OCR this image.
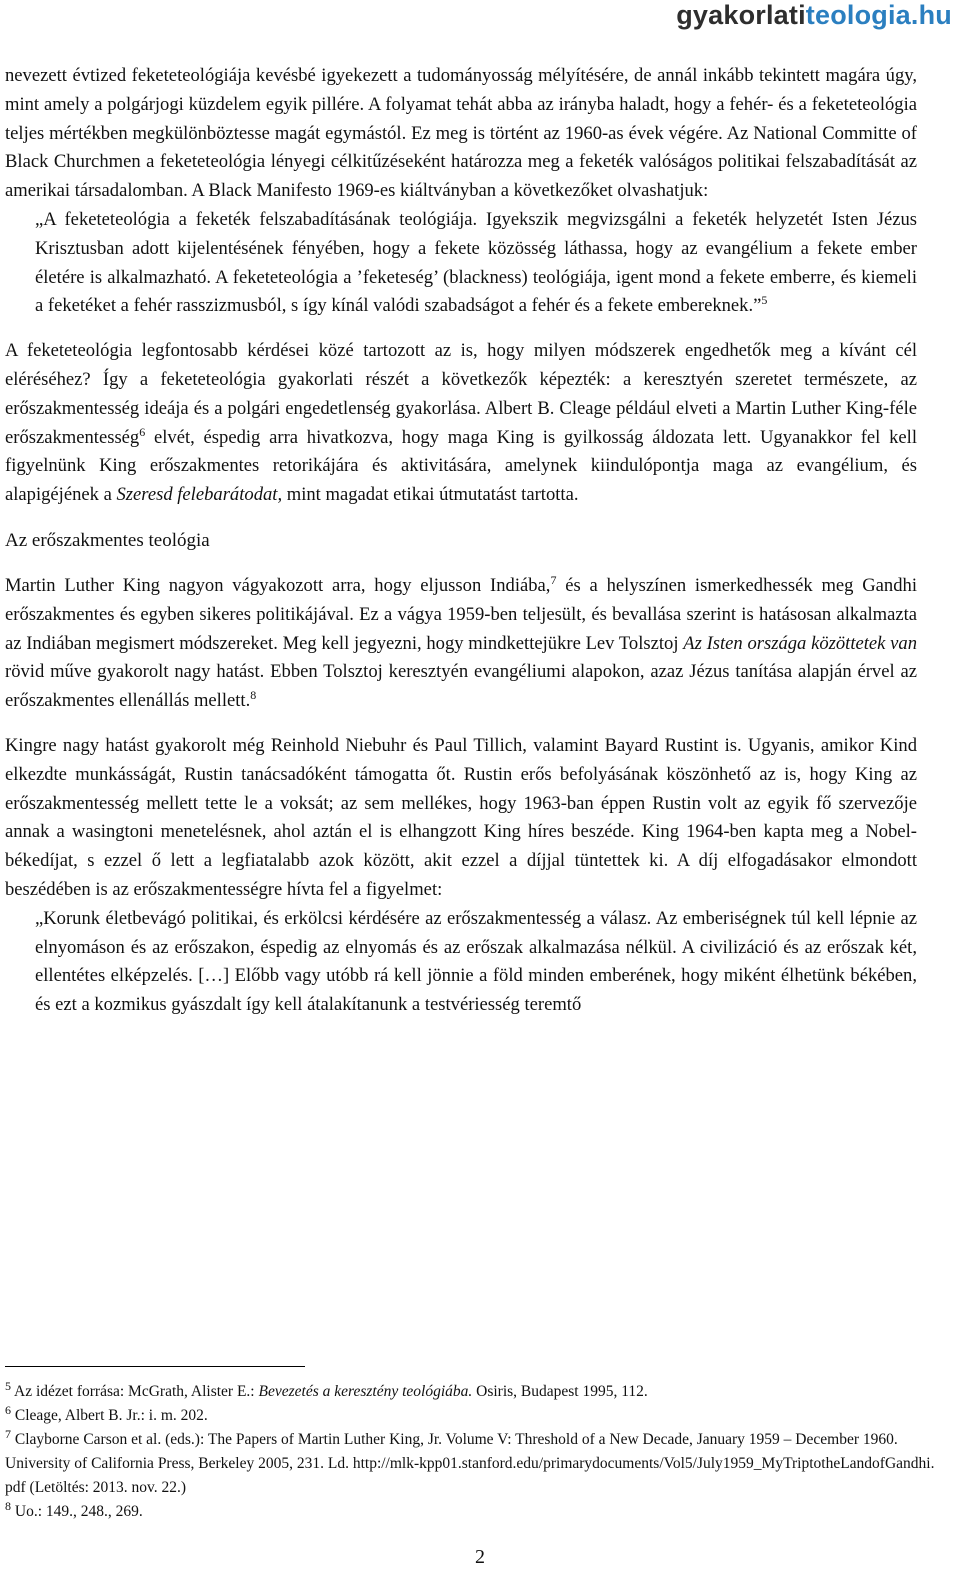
gyakorlatiteologia.hu

nevezett évtized feketeteológiája kevésbé igyekezett a tudományosság mélyítésére, de annál inkább tekintett magára úgy, mint amely a polgárjogi küzdelem egyik pillére. A folyamat tehát abba az irányba haladt, hogy a fehér- és a feketeteológia teljes mértékben megkülönböztesse magát egymástól. Ez meg is történt az 1960-as évek végére. Az National Committe of Black Churchmen a feketeteológia lényegi célkitűzéseként határozza meg a feketék valóságos politikai felszabadítását az amerikai társadalomban. A Black Manifesto 1969-es kiáltványban a következőket olvashatjuk:

„A feketeteológia a feketék felszabadításának teológiája. Igyekszik megvizsgálni a feketék helyzetét Isten Jézus Krisztusban adott kijelentésének fényében, hogy a fekete közösség láthassa, hogy az evangélium a fekete ember életére is alkalmazható. A feketeteológia a ’feketeség’ (blackness) teológiája, igent mond a fekete emberre, és kiemeli a feketéket a fehér rasszizmusból, s így kínál valódi szabadságot a fehér és a fekete embereknek.”$^5$

A feketeteológia legfontosabb kérdései közé tartozott az is, hogy milyen módszerek engedhetők meg a kívánt cél eléréséhez? Így a feketeteológia gyakorlati részét a következők képezték: a keresztyén szeretet természete, az erőszakmentesség ideája és a polgári engedetlenség gyakorlása. Albert B. Cleage például elveti a Martin Luther King-féle erőszakmentesség$^6$ elvét, éspedig arra hivatkozva, hogy maga King is gyilkosság áldozata lett. Ugyanakkor fel kell figyelnünk King erőszakmentes retorikájára és aktivitására, amelynek kiindulópontja maga az evangélium, és alapigéjének a Szeresd felebarátodat, mint magadat etikai útmutatást tartotta.

Az erőszakmentes teológia

Martin Luther King nagyon vágyakozott arra, hogy eljusson Indiába,$^7$ és a helyszínen ismerkedhessék meg Gandhi erőszakmentes és egyben sikeres politikájával. Ez a vágya 1959-ben teljesült, és bevallása szerint is hatásosan alkalmazta az Indiában megismert módszereket. Meg kell jegyezni, hogy mindkettejükre Lev Tolsztoj Az Isten országa közöttetek van rövid műve gyakorolt nagy hatást. Ebben Tolsztoj keresztyén evangéliumi alapokon, azaz Jézus tanítása alapján érvel az erőszakmentes ellenállás mellett.$^8$

Kingre nagy hatást gyakorolt még Reinhold Niebuhr és Paul Tillich, valamint Bayard Rustint is. Ugyanis, amikor Kind elkezdte munkásságát, Rustin tanácsadóként támogatta őt. Rustin erős befolyásának köszönhető az is, hogy King az erőszakmentesség mellett tette le a voksát; az sem mellékes, hogy 1963-ban éppen Rustin volt az egyik fő szervezője annak a wasingtoni menetelésnek, ahol aztán el is elhangzott King híres beszéde. King 1964-ben kapta meg a Nobel-békedíjat, s ezzel ő lett a legfiatalabb azok között, akit ezzel a díjjal tüntettek ki. A díj elfogadásakor elmondott beszédében is az erőszakmentességre hívta fel a figyelmet:

„Korunk életbevágó politikai, és erkölcsi kérdésére az erőszakmentesség a válasz. Az emberiségnek túl kell lépnie az elnyomáson és az erőszakon, éspedig az elnyomás és az erőszak alkalmazása nélkül. A civilizáció és az erőszak két, ellentétes elképzelés. […] Előbb vagy utóbb rá kell jönnie a föld minden emberének, hogy miként élhetünk békében, és ezt a kozmikus gyászdalt így kell átalakítanunk a testvériesség teremtő

$^5$ Az idézet forrása: McGrath, Alister E.: Bevezetés a keresztény teológiába. Osiris, Budapest 1995, 112.

$^6$ Cleage, Albert B. Jr.: i. m. 202.

$^7$ Clayborne Carson et al. (eds.): The Papers of Martin Luther King, Jr. Volume V: Threshold of a New Decade, January 1959 – December 1960. University of California Press, Berkeley 2005, 231. Ld. http://mlk-kpp01.stanford.edu/primarydocuments/Vol5/July1959_MyTriptotheLandofGandhi. pdf (Letöltés: 2013. nov. 22.)

$^8$ Uo.: 149., 248., 269.

2
